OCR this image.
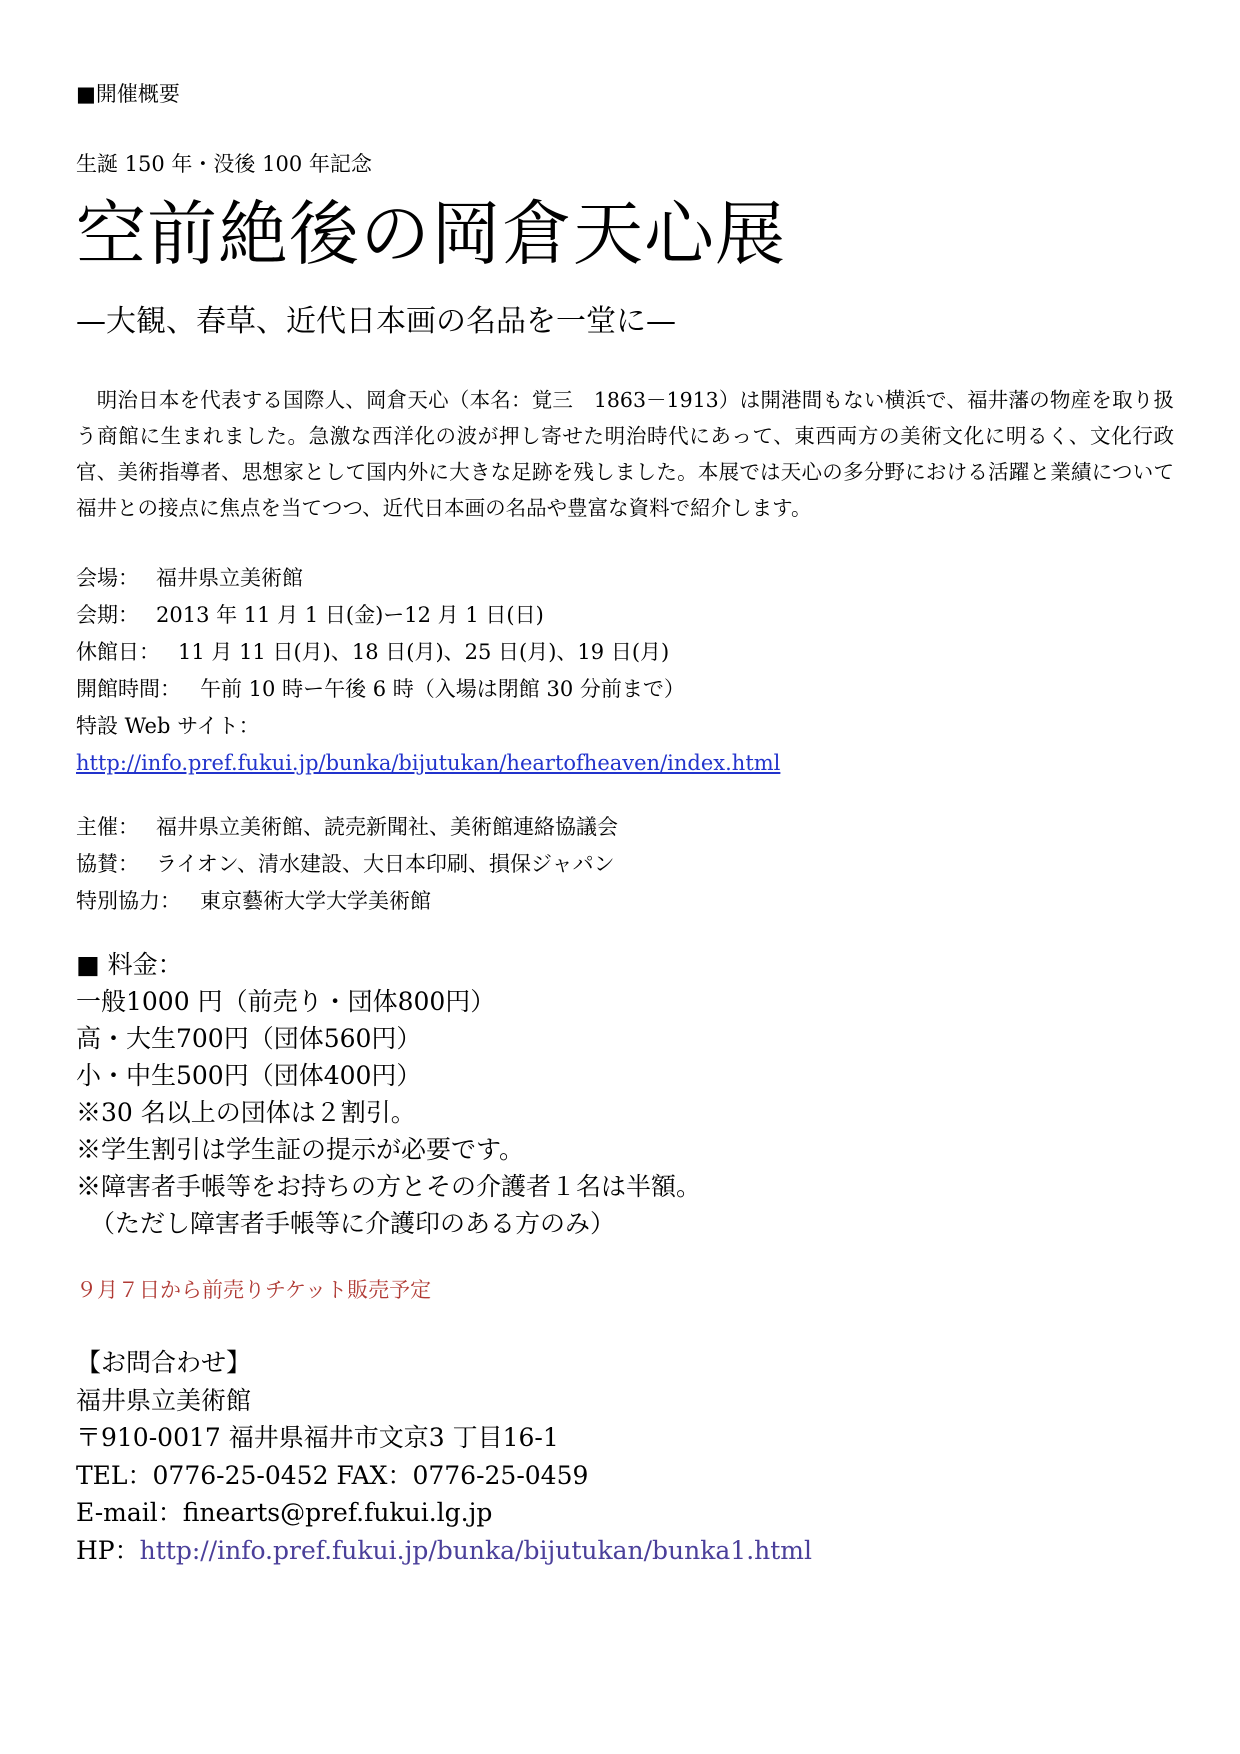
■開催概要
生誕 150 年・没後 100 年記念
空前絶後の岡倉天心展
—大観、春草、近代日本画の名品を一堂に—

　明治日本を代表する国際人、岡倉天心（本名：覚三　1863－1913）は開港間もない横浜で、福井藩の物産を取り扱う商館に生まれました。急激な西洋化の波が押し寄せた明治時代にあって、東西両方の美術文化に明るく、文化行政官、美術指導者、思想家として国内外に大きな足跡を残しました。本展では天心の多分野における活躍と業績について福井との接点に焦点を当てつつ、近代日本画の名品や豊富な資料で紹介します。

会場： 福井県立美術館
会期： 2013 年 11 月 1 日(金)ー12 月 1 日(日)
休館日： 11 月 11 日(月)、18 日(月)、25 日(月)、19 日(月)
開館時間： 午前 10 時ー午後 6 時（入場は閉館 30 分前まで）
特設 Web サイト：
http://info.pref.fukui.jp/bunka/bijutukan/heartofheaven/index.html
主催： 福井県立美術館、読売新聞社、美術館連絡協議会
協賛： ライオン、清水建設、大日本印刷、損保ジャパン
特別協力： 東京藝術大学大学美術館
■ 料金：
一般1000 円（前売り・団体800円）
高・大生700円（団体560円）
小・中生500円（団体400円）
※30 名以上の団体は２割引。
※学生割引は学生証の提示が必要です。
※障害者手帳等をお持ちの方とその介護者１名は半額。
（ただし障害者手帳等に介護印のある方のみ）
９月７日から前売りチケット販売予定
【お問合わせ】
福井県立美術館
〒910-0017 福井県福井市文京3 丁目16-1
TEL：0776-25-0452 FAX：0776-25-0459
E-mail：finearts@pref.fukui.lg.jp
HP：http://info.pref.fukui.jp/bunka/bijutukan/bunka1.html
